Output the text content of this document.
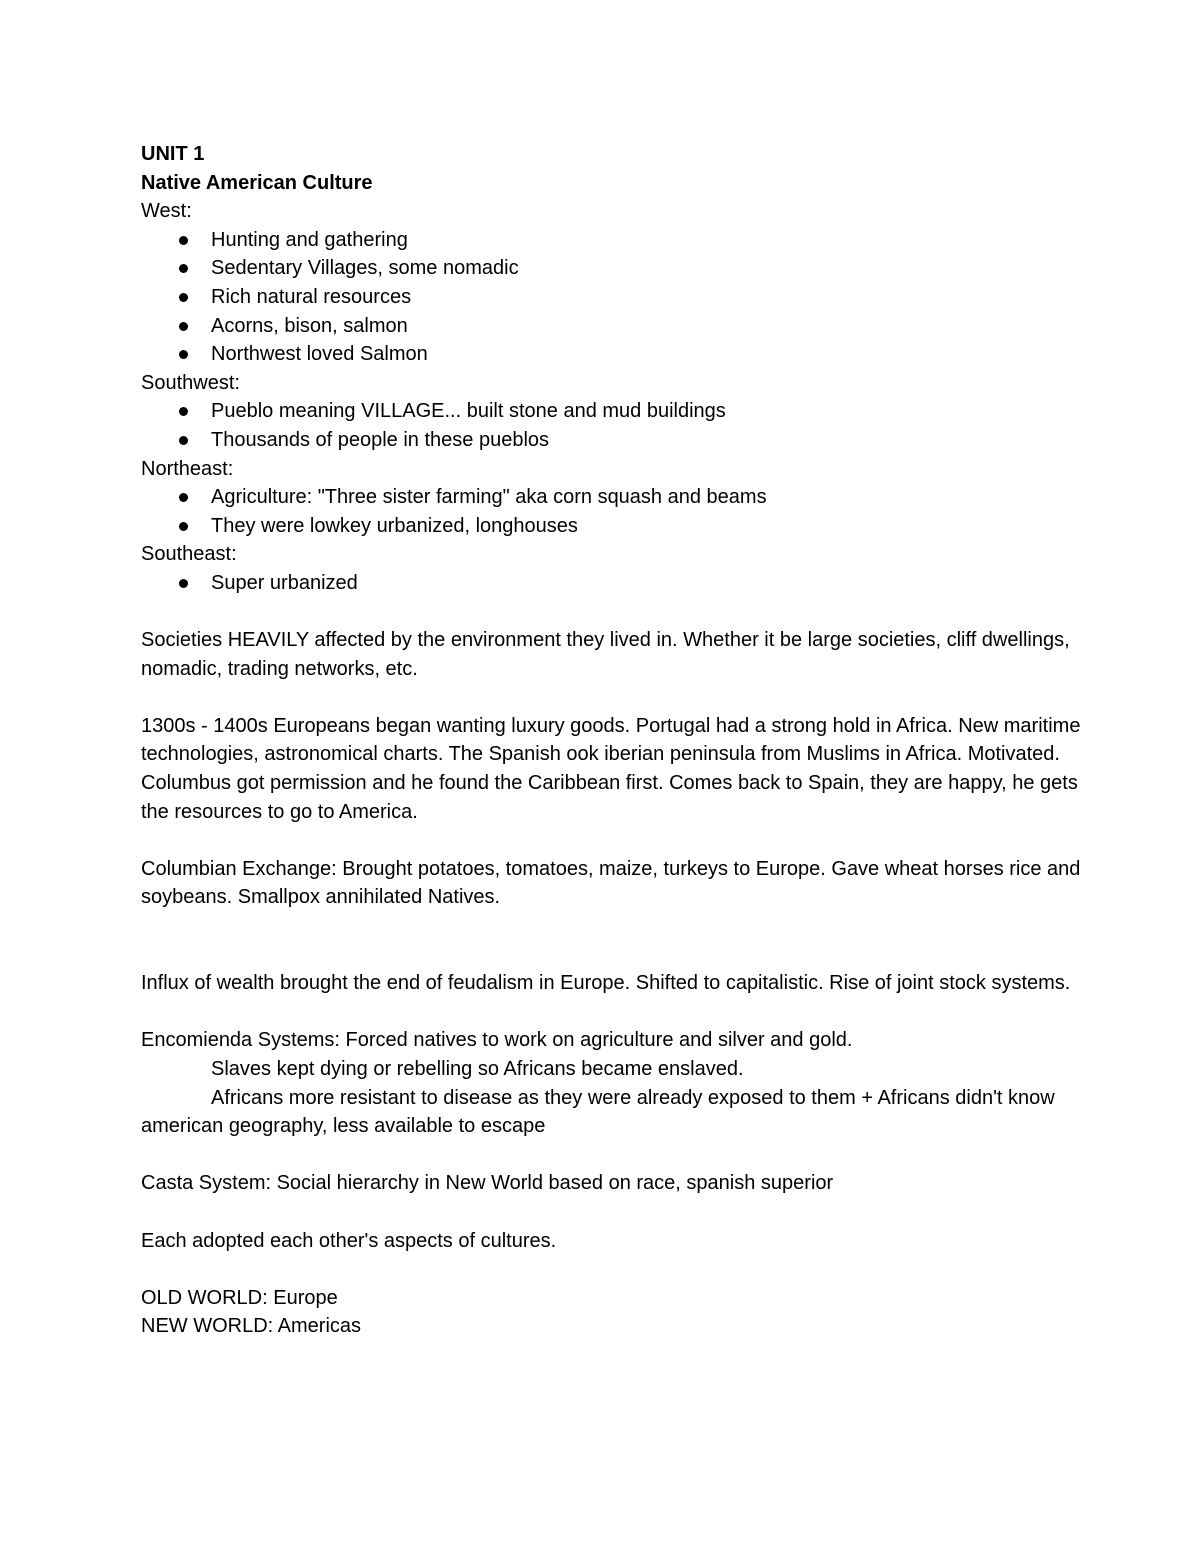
UNIT 1

Native American Culture

West:

Hunting and gathering
Sedentary Villages, some nomadic
Rich natural resources
Acorns, bison, salmon
Northwest loved Salmon

Southwest:

Pueblo meaning VILLAGE... built stone and mud buildings
Thousands of people in these pueblos

Northeast:

Agriculture: "Three sister farming" aka corn squash and beams
They were lowkey urbanized, longhouses

Southeast:

Super urbanized

Societies HEAVILY affected by the environment they lived in. Whether it be large societies, cliff dwellings, nomadic, trading networks, etc.

1300s - 1400s Europeans began wanting luxury goods. Portugal had a strong hold in Africa. New maritime technologies, astronomical charts. The Spanish ook iberian peninsula from Muslims in Africa. Motivated. Columbus got permission and he found the Caribbean first. Comes back to Spain, they are happy, he gets the resources to go to America.

Columbian Exchange: Brought potatoes, tomatoes, maize, turkeys to Europe. Gave wheat horses rice and soybeans. Smallpox annihilated Natives.

Influx of wealth brought the end of feudalism in Europe. Shifted to capitalistic. Rise of joint stock systems.

Encomienda Systems: Forced natives to work on agriculture and silver and gold.

Slaves kept dying or rebelling so Africans became enslaved.

Africans more resistant to disease as they were already exposed to them + Africans didn't know american geography, less available to escape

Casta System: Social hierarchy in New World based on race, spanish superior

Each adopted each other's aspects of cultures.

OLD WORLD: Europe

NEW WORLD: Americas
